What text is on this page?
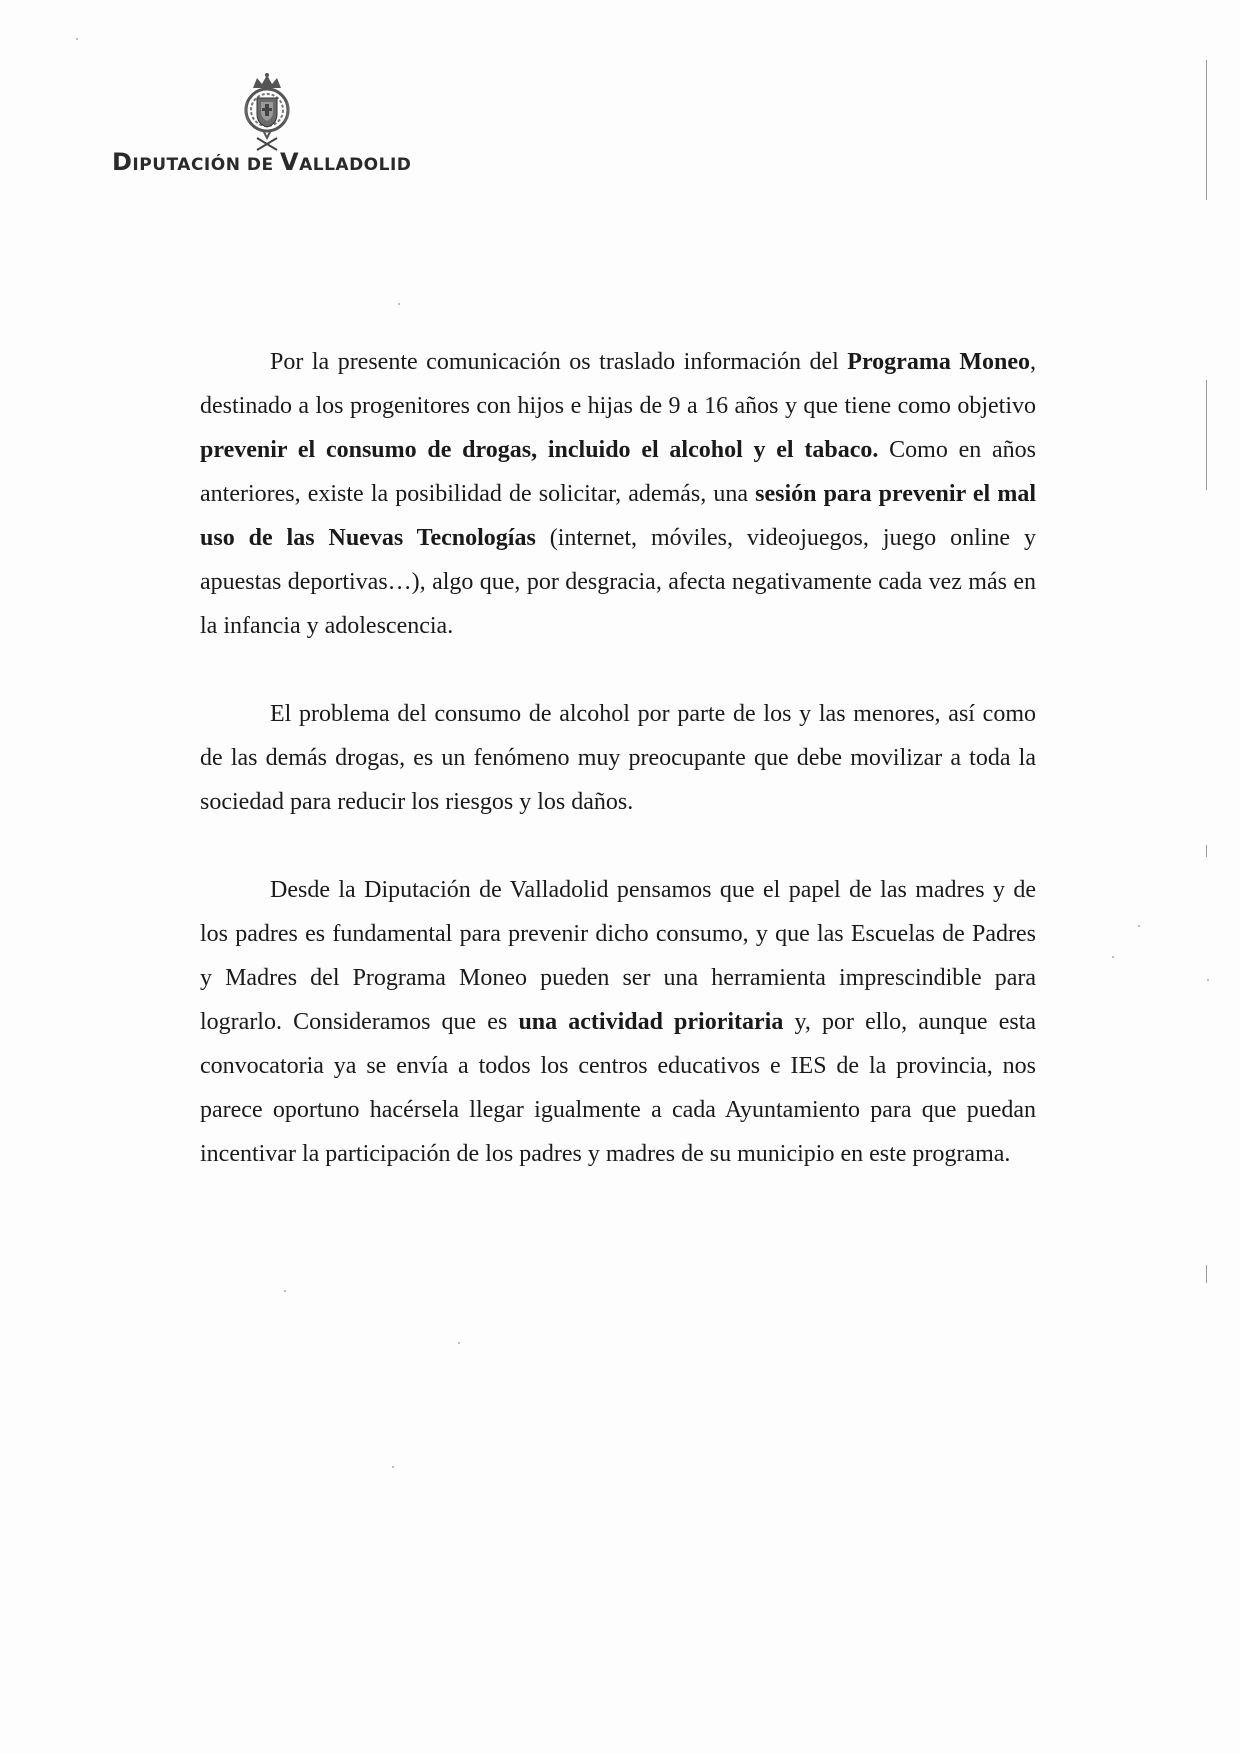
DIPUTACIÓN DE VALLADOLID

Por la presente comunicación os traslado información del Programa Moneo, destinado a los progenitores con hijos e hijas de 9 a 16 años y que tiene como objetivo prevenir el consumo de drogas, incluido el alcohol y el tabaco. Como en años anteriores, existe la posibilidad de solicitar, además, una sesión para prevenir el mal uso de las Nuevas Tecnologías (internet, móviles, videojuegos, juego online y apuestas deportivas…), algo que, por desgracia, afecta negativamente cada vez más en la infancia y adolescencia.

El problema del consumo de alcohol por parte de los y las menores, así como de las demás drogas, es un fenómeno muy preocupante que debe movilizar a toda la sociedad para reducir los riesgos y los daños.

Desde la Diputación de Valladolid pensamos que el papel de las madres y de los padres es fundamental para prevenir dicho consumo, y que las Escuelas de Padres y Madres del Programa Moneo pueden ser una herramienta imprescindible para lograrlo. Consideramos que es una actividad prioritaria y, por ello, aunque esta convocatoria ya se envía a todos los centros educativos e IES de la provincia, nos parece oportuno hacérsela llegar igualmente a cada Ayuntamiento para que puedan incentivar la participación de los padres y madres de su municipio en este programa.
